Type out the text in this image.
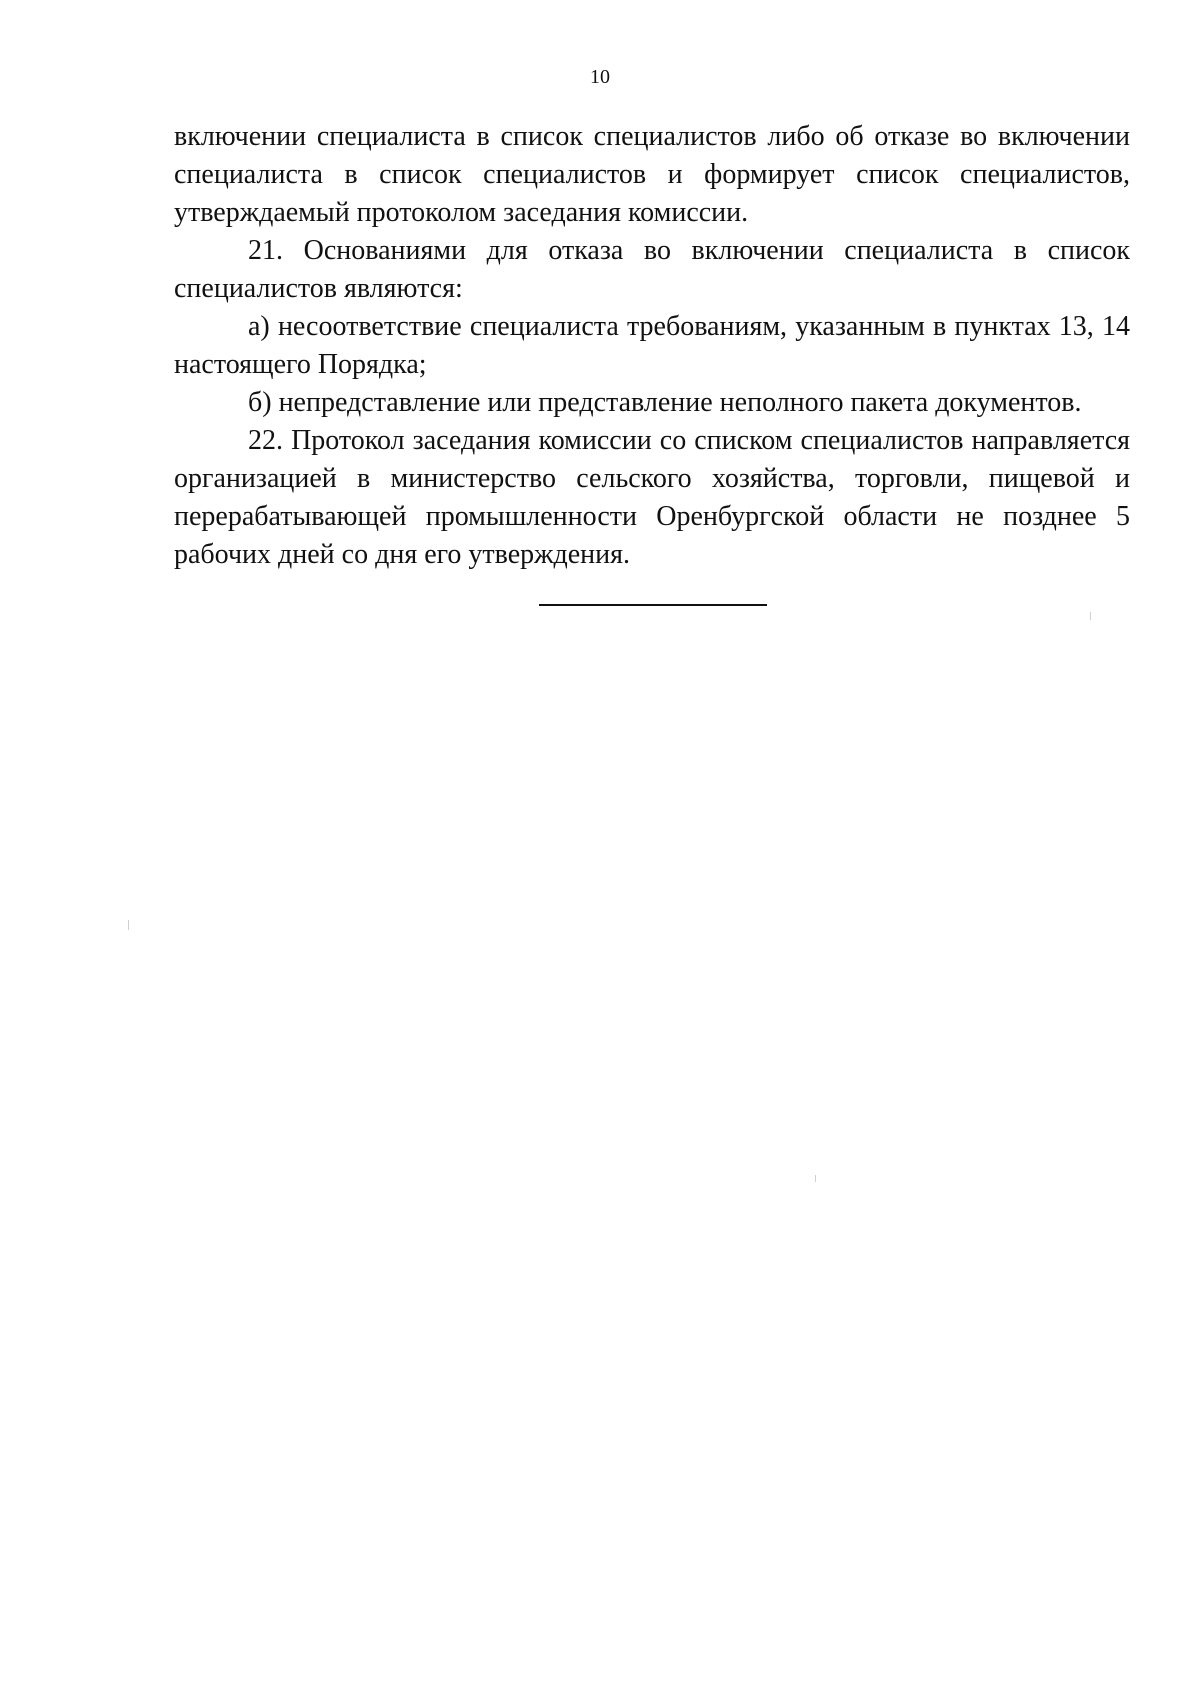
10

включении специалиста в список специалистов либо об отказе во включении специалиста в список специалистов и формирует список специалистов, утверждаемый протоколом заседания комиссии.

21. Основаниями для отказа во включении специалиста в список специалистов являются:

а) несоответствие специалиста требованиям, указанным в пунктах 13, 14 настоящего Порядка;

б) непредставление или представление неполного пакета документов.

22. Протокол заседания комиссии со списком специалистов направляется организацией в министерство сельского хозяйства, торговли, пищевой и перерабатывающей промышленности Оренбургской области не позднее 5 рабочих дней со дня его утверждения.
